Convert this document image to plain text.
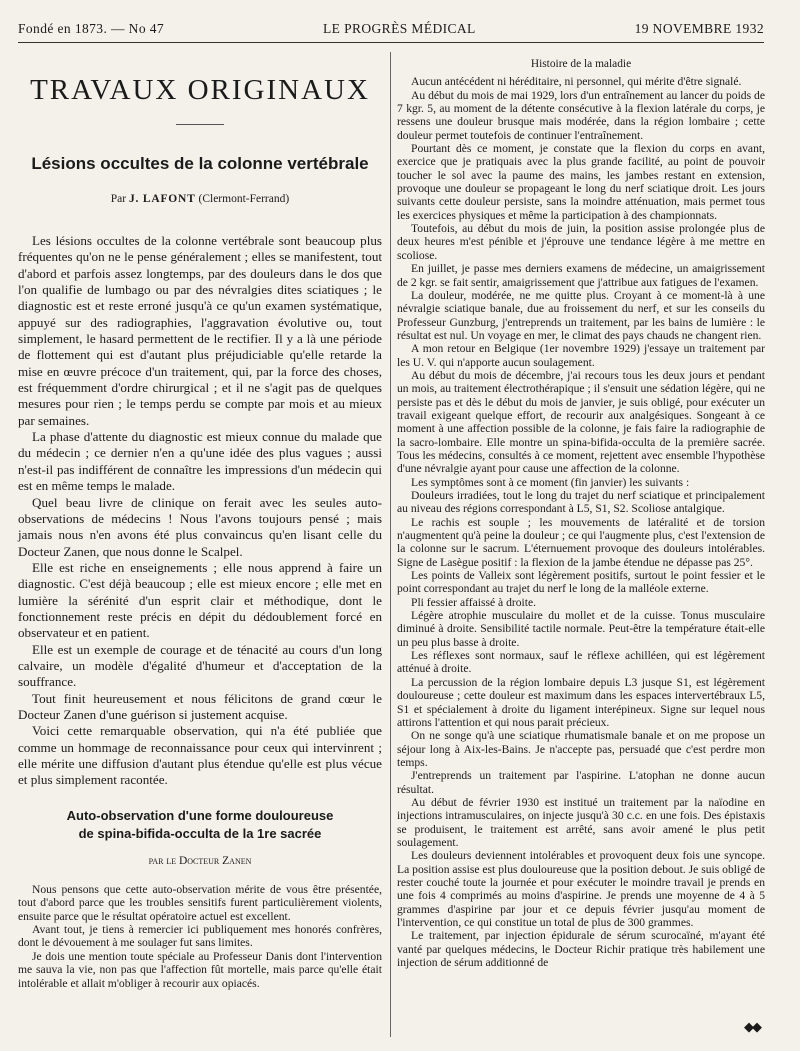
Fondé en 1873. — No 47	LE PROGRÈS MÉDICAL	19 NOVEMBRE 1932
TRAVAUX ORIGINAUX
Lésions occultes de la colonne vertébrale
Par J. LAFONT (Clermont-Ferrand)

Les lésions occultes de la colonne vertébrale sont beaucoup plus fréquentes qu'on ne le pense généralement ; elles se manifestent, tout d'abord et parfois assez longtemps, par des douleurs dans le dos que l'on qualifie de lumbago ou par des névralgies dites sciatiques ; le diagnostic est et reste erroné jusqu'à ce qu'un examen systématique, appuyé sur des radiographies, l'aggravation évolutive ou, tout simplement, le hasard permettent de le rectifier. Il y a là une période de flottement qui est d'autant plus préjudiciable qu'elle retarde la mise en œuvre précoce d'un traitement, qui, par la force des choses, est fréquemment d'ordre chirurgical ; et il ne s'agit pas de quelques mesures pour rien ; le temps perdu se compte par mois et au mieux par semaines.

La phase d'attente du diagnostic est mieux connue du malade que du médecin ; ce dernier n'en a qu'une idée des plus vagues ; aussi n'est-il pas indifférent de connaître les impressions d'un médecin qui est en même temps le malade.

Quel beau livre de clinique on ferait avec les seules auto-observations de médecins ! Nous l'avons toujours pensé ; mais jamais nous n'en avons été plus convaincus qu'en lisant celle du Docteur Zanen, que nous donne le Scalpel.

Elle est riche en enseignements ; elle nous apprend à faire un diagnostic. C'est déjà beaucoup ; elle est mieux encore ; elle met en lumière la sérénité d'un esprit clair et méthodique, dont le fonctionnement reste précis en dépit du dédoublement forcé en observateur et en patient.

Elle est un exemple de courage et de ténacité au cours d'un long calvaire, un modèle d'égalité d'humeur et d'acceptation de la souffrance.

Tout finit heureusement et nous félicitons de grand cœur le Docteur Zanen d'une guérison si justement acquise.

Voici cette remarquable observation, qui n'a été publiée que comme un hommage de reconnaissance pour ceux qui intervinrent ; elle mérite une diffusion d'autant plus étendue qu'elle est plus vécue et plus simplement racontée.

Auto-observation d'une forme douloureuse
de spina-bifida-occulta de la 1re sacrée
par le Docteur Zanen

Nous pensons que cette auto-observation mérite de vous être présentée, tout d'abord parce que les troubles sensitifs furent particulièrement violents, ensuite parce que le résultat opératoire actuel est excellent.

Avant tout, je tiens à remercier ici publiquement mes honorés confrères, dont le dévouement à me soulager fut sans limites.

Je dois une mention toute spéciale au Professeur Danis dont l'intervention me sauva la vie, non pas que l'affection fût mortelle, mais parce qu'elle était intolérable et allait m'obliger à recourir aux opiacés.

Histoire de la maladie

Aucun antécédent ni héréditaire, ni personnel, qui mérite d'être signalé.

Au début du mois de mai 1929, lors d'un entraînement au lancer du poids de 7 kgr. 5, au moment de la détente consécutive à la flexion latérale du corps, je ressens une douleur brusque mais modérée, dans la région lombaire ; cette douleur permet toutefois de continuer l'entraînement.

Pourtant dès ce moment, je constate que la flexion du corps en avant, exercice que je pratiquais avec la plus grande facilité, au point de pouvoir toucher le sol avec la paume des mains, les jambes restant en extension, provoque une douleur se propageant le long du nerf sciatique droit. Les jours suivants cette douleur persiste, sans la moindre atténuation, mais permet tous les exercices physiques et même la participation à des championnats.

Toutefois, au début du mois de juin, la position assise prolongée plus de deux heures m'est pénible et j'éprouve une tendance légère à me mettre en scoliose.

En juillet, je passe mes derniers examens de médecine, un amaigrissement de 2 kgr. se fait sentir, amaigrissement que j'attribue aux fatigues de l'examen.

La douleur, modérée, ne me quitte plus. Croyant à ce moment-là à une névralgie sciatique banale, due au froissement du nerf, et sur les conseils du Professeur Gunzburg, j'entreprends un traitement, par les bains de lumière : le résultat est nul. Un voyage en mer, le climat des pays chauds ne changent rien.

A mon retour en Belgique (1er novembre 1929) j'essaye un traitement par les U. V. qui n'apporte aucun soulagement.

Au début du mois de décembre, j'ai recours tous les deux jours et pendant un mois, au traitement électrothérapique ; il s'ensuit une sédation légère, qui ne persiste pas et dès le début du mois de janvier, je suis obligé, pour exécuter un travail exigeant quelque effort, de recourir aux analgésiques. Songeant à ce moment à une affection possible de la colonne, je fais faire la radiographie de la sacro-lombaire. Elle montre un spina-bifida-occulta de la première sacrée. Tous les médecins, consultés à ce moment, rejettent avec ensemble l'hypothèse d'une névralgie ayant pour cause une affection de la colonne.

Les symptômes sont à ce moment (fin janvier) les suivants :

Douleurs irradiées, tout le long du trajet du nerf sciatique et principalement au niveau des régions correspondant à L5, S1, S2. Scoliose antalgique.

Le rachis est souple ; les mouvements de latéralité et de torsion n'augmentent qu'à peine la douleur ; ce qui l'augmente plus, c'est l'extension de la colonne sur le sacrum. L'éternuement provoque des douleurs intolérables. Signe de Lasègue positif : la flexion de la jambe étendue ne dépasse pas 25°.

Les points de Valleix sont légèrement positifs, surtout le point fessier et le point correspondant au trajet du nerf le long de la malléole externe.

Pli fessier affaissé à droite.

Légère atrophie musculaire du mollet et de la cuisse. Tonus musculaire diminué à droite. Sensibilité tactile normale. Peut-être la température était-elle un peu plus basse à droite.

Les réflexes sont normaux, sauf le réflexe achilléen, qui est légèrement atténué à droite.

La percussion de la région lombaire depuis L3 jusque S1, est légèrement douloureuse ; cette douleur est maximum dans les espaces intervertébraux L5, S1 et spécialement à droite du ligament interépineux. Signe sur lequel nous attirons l'attention et qui nous parait précieux.

On ne songe qu'à une sciatique rhumatismale banale et on me propose un séjour long à Aix-les-Bains. Je n'accepte pas, persuadé que c'est perdre mon temps.

J'entreprends un traitement par l'aspirine. L'atophan ne donne aucun résultat.

Au début de février 1930 est institué un traitement par la naïodine en injections intramusculaires, on injecte jusqu'à 30 c.c. en une fois. Des épistaxis se produisent, le traitement est arrêté, sans avoir amené le plus petit soulagement.

Les douleurs deviennent intolérables et provoquent deux fois une syncope. La position assise est plus douloureuse que la position debout. Je suis obligé de rester couché toute la journée et pour exécuter le moindre travail je prends en une fois 4 comprimés au moins d'aspirine. Je prends une moyenne de 4 à 5 grammes d'aspirine par jour et ce depuis février jusqu'au moment de l'intervention, ce qui constitue un total de plus de 300 grammes.

Le traitement, par injection épidurale de sérum scurocaïné, m'ayant été vanté par quelques médecins, le Docteur Richir pratique très habilement une injection de sérum additionné de

◆◆
